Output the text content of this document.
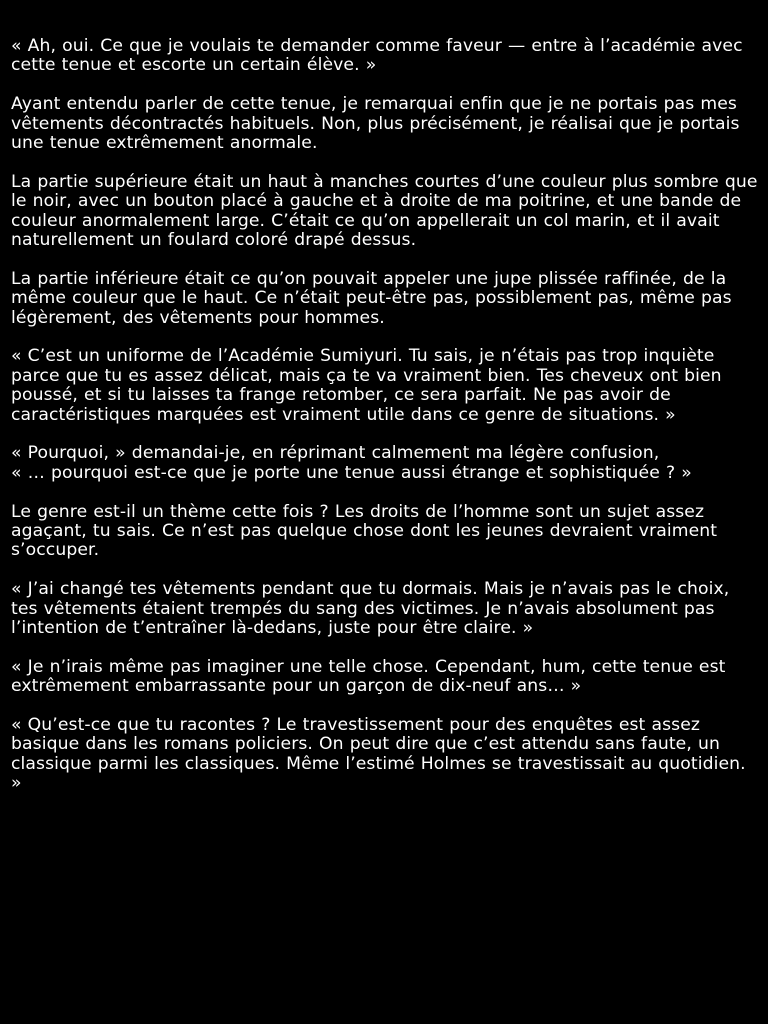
« Ah, oui. Ce que je voulais te demander comme faveur — entre à l’académie avec cette tenue et escorte un certain élève. »

Ayant entendu parler de cette tenue, je remarquai enfin que je ne portais pas mes vêtements décontractés habituels. Non, plus précisément, je réalisai que je portais une tenue extrêmement anormale.

La partie supérieure était un haut à manches courtes d’une couleur plus sombre que le noir, avec un bouton placé à gauche et à droite de ma poitrine, et une bande de couleur anormalement large. C’était ce qu’on appellerait un col marin, et il avait naturellement un foulard coloré drapé dessus.

La partie inférieure était ce qu’on pouvait appeler une jupe plissée raffinée, de la même couleur que le haut. Ce n’était peut-être pas, possiblement pas, même pas légèrement, des vêtements pour hommes.

« C’est un uniforme de l’Académie Sumiyuri. Tu sais, je n’étais pas trop inquiète parce que tu es assez délicat, mais ça te va vraiment bien. Tes cheveux ont bien poussé, et si tu laisses ta frange retomber, ce sera parfait. Ne pas avoir de caractéristiques marquées est vraiment utile dans ce genre de situations. »

« Pourquoi, » demandai-je, en réprimant calmement ma légère confusion,
« … pourquoi est-ce que je porte une tenue aussi étrange et sophistiquée ? »

Le genre est-il un thème cette fois ? Les droits de l’homme sont un sujet assez agaçant, tu sais. Ce n’est pas quelque chose dont les jeunes devraient vraiment s’occuper.

« J’ai changé tes vêtements pendant que tu dormais. Mais je n’avais pas le choix, tes vêtements étaient trempés du sang des victimes. Je n’avais absolument pas l’intention de t’entraîner là-dedans, juste pour être claire. »

« Je n’irais même pas imaginer une telle chose. Cependant, hum, cette tenue est extrêmement embarrassante pour un garçon de dix-neuf ans… »

« Qu’est-ce que tu racontes ? Le travestissement pour des enquêtes est assez basique dans les romans policiers. On peut dire que c’est attendu sans faute, un classique parmi les classiques. Même l’estimé Holmes se travestissait au quotidien. »
